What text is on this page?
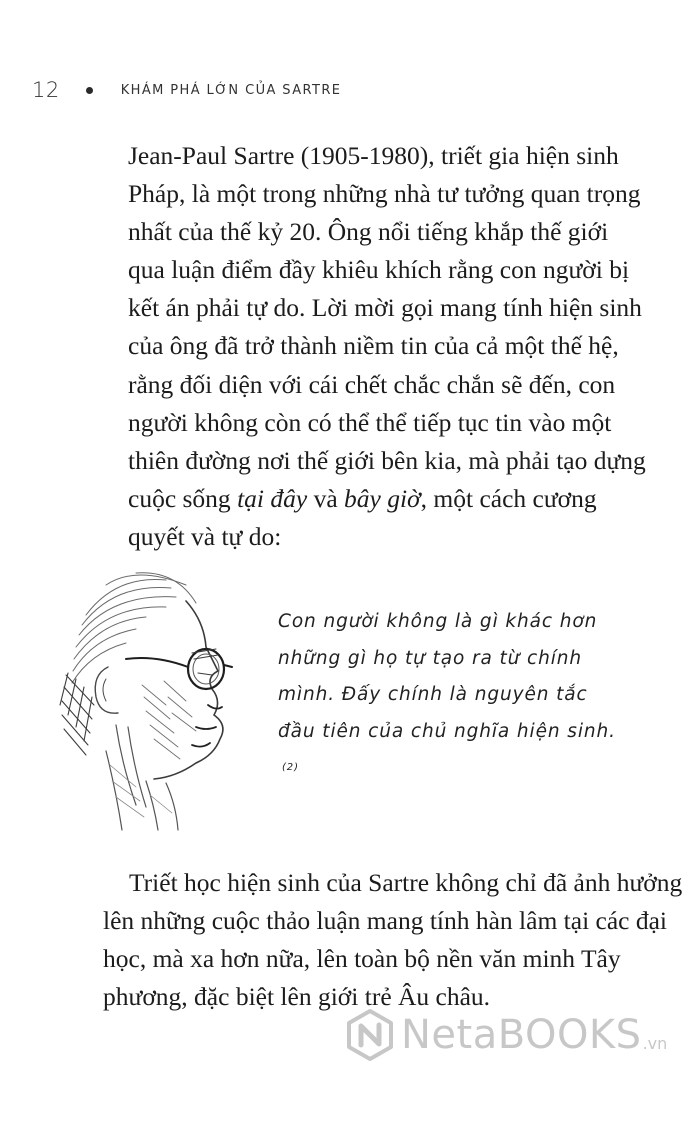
12	KHÁM PHÁ LỚN CỦA SARTRE

Jean-Paul Sartre (1905-1980), triết gia hiện sinh Pháp, là một trong những nhà tư tưởng quan trọng nhất của thế kỷ 20. Ông nổi tiếng khắp thế giới qua luận điểm đầy khiêu khích rằng con người bị kết án phải tự do. Lời mời gọi mang tính hiện sinh của ông đã trở thành niềm tin của cả một thế hệ, rằng đối diện với cái chết chắc chắn sẽ đến, con người không còn có thể thể tiếp tục tin vào một thiên đường nơi thế giới bên kia, mà phải tạo dựng cuộc sống tại đây và bây giờ, một cách cương quyết và tự do:

Con người không là gì khác hơn những gì họ tự tạo ra từ chính mình. Đấy chính là nguyên tắc đầu tiên của chủ nghĩa hiện sinh.$^{(2)}$

Triết học hiện sinh của Sartre không chỉ đã ảnh hưởng lên những cuộc thảo luận mang tính hàn lâm tại các đại học, mà xa hơn nữa, lên toàn bộ nền văn minh Tây phương, đặc biệt lên giới trẻ Âu châu.

NetaBOOKS .vn
